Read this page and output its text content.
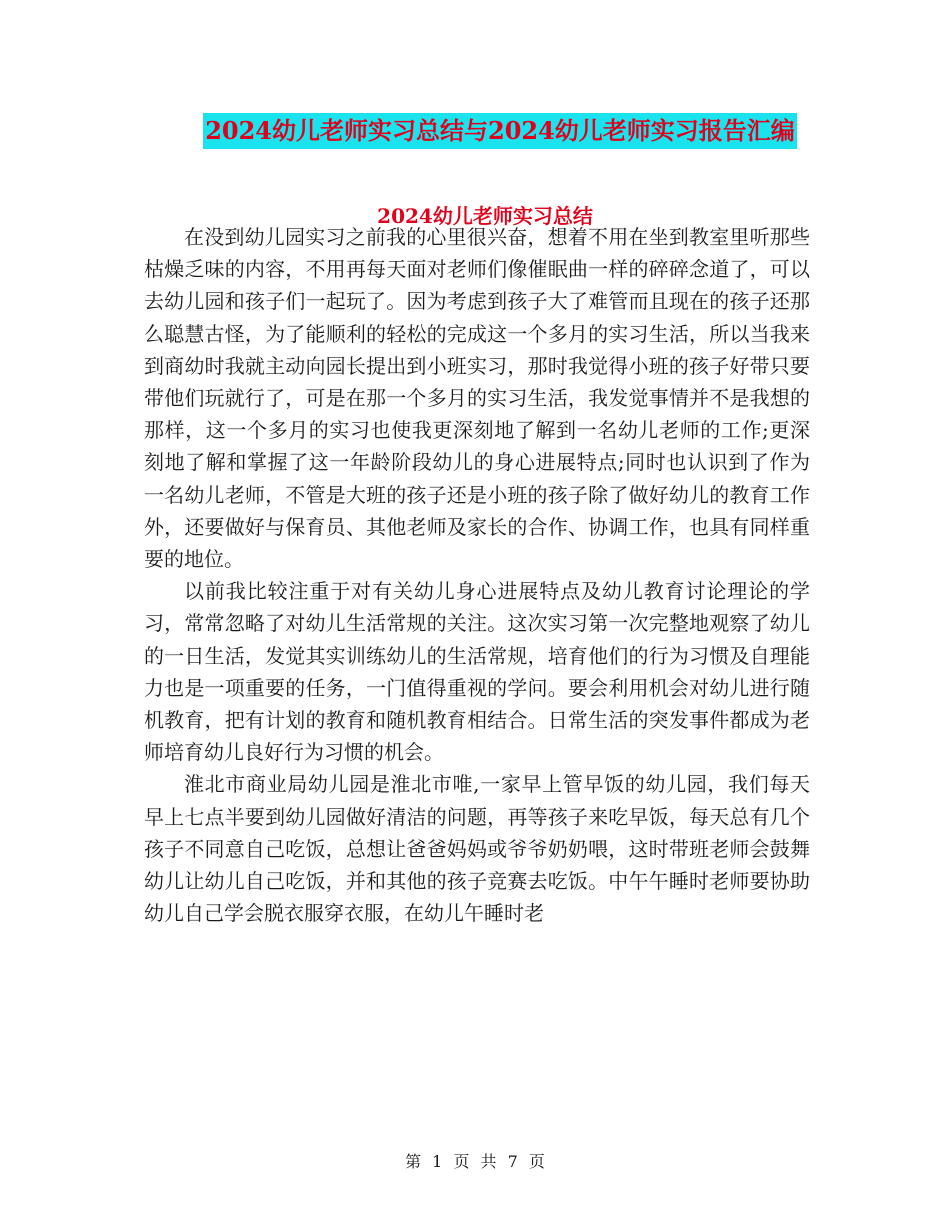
2024幼儿老师实习总结与2024幼儿老师实习报告汇编
2024幼儿老师实习总结

在没到幼儿园实习之前我的心里很兴奋，想着不用在坐到教室里听那些枯燥乏味的内容，不用再每天面对老师们像催眠曲一样的碎碎念道了，可以去幼儿园和孩子们一起玩了。因为考虑到孩子大了难管而且现在的孩子还那么聪慧古怪，为了能顺利的轻松的完成这一个多月的实习生活，所以当我来到商幼时我就主动向园长提出到小班实习，那时我觉得小班的孩子好带只要带他们玩就行了，可是在那一个多月的实习生活，我发觉事情并不是我想的那样，这一个多月的实习也使我更深刻地了解到一名幼儿老师的工作;更深刻地了解和掌握了这一年龄阶段幼儿的身心进展特点;同时也认识到了作为一名幼儿老师，不管是大班的孩子还是小班的孩子除了做好幼儿的教育工作外，还要做好与保育员、其他老师及家长的合作、协调工作，也具有同样重要的地位。

以前我比较注重于对有关幼儿身心进展特点及幼儿教育讨论理论的学习，常常忽略了对幼儿生活常规的关注。这次实习第一次完整地观察了幼儿的一日生活，发觉其实训练幼儿的生活常规，培育他们的行为习惯及自理能力也是一项重要的任务，一门值得重视的学问。要会利用机会对幼儿进行随机教育，把有计划的教育和随机教育相结合。日常生活的突发事件都成为老师培育幼儿良好行为习惯的机会。

淮北市商业局幼儿园是淮北市唯,一家早上管早饭的幼儿园，我们每天早上七点半要到幼儿园做好清洁的问题，再等孩子来吃早饭，每天总有几个孩子不同意自己吃饭，总想让爸爸妈妈或爷爷奶奶喂，这时带班老师会鼓舞幼儿让幼儿自己吃饭，并和其他的孩子竞赛去吃饭。中午午睡时老师要协助幼儿自己学会脱衣服穿衣服，在幼儿午睡时老

第 1 页 共 7 页
